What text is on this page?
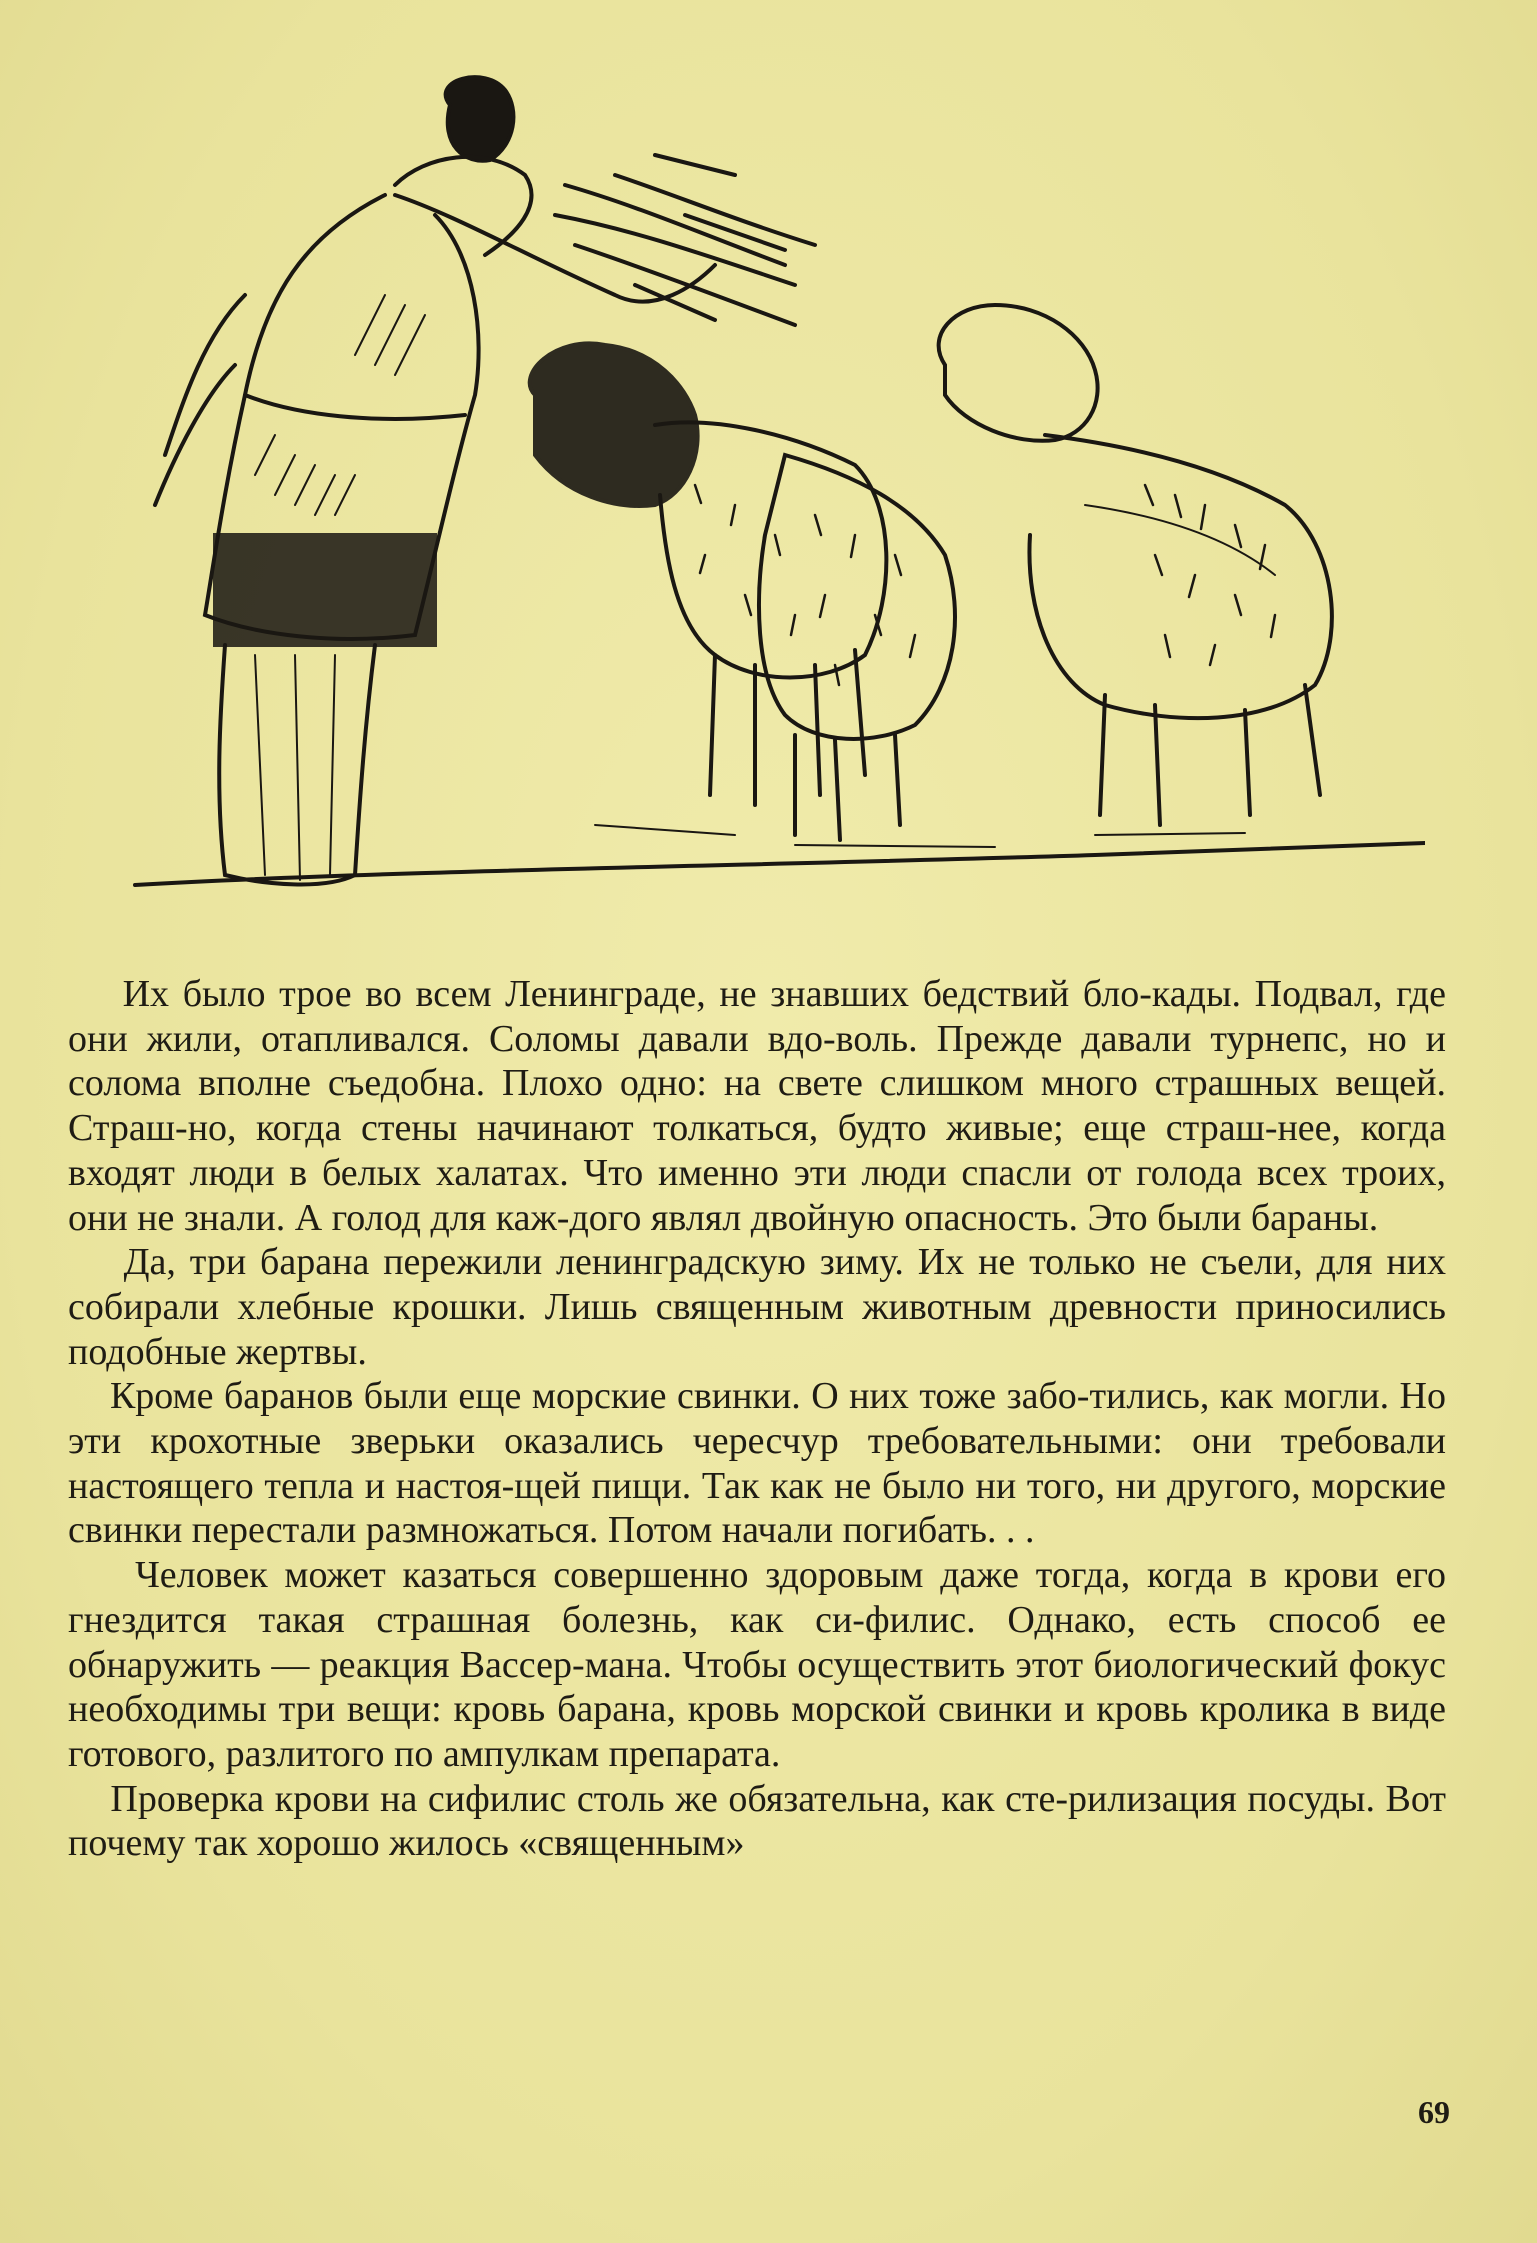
Их было трое во всем Ленинграде, не знавших бедствий бло-кады. Подвал, где они жили, отапливался. Соломы давали вдо-воль. Прежде давали турнепс, но и солома вполне съедобна. Плохо одно: на свете слишком много страшных вещей. Страш-но, когда стены начинают толкаться, будто живые; еще страш-нее, когда входят люди в белых халатах. Что именно эти люди спасли от голода всех троих, они не знали. А голод для каж-дого являл двойную опасность. Это были бараны.

Да, три барана пережили ленинградскую зиму. Их не только не съели, для них собирали хлебные крошки. Лишь священным животным древности приносились подобные жертвы.

Кроме баранов были еще морские свинки. О них тоже забо-тились, как могли. Но эти крохотные зверьки оказались чересчур требовательными: они требовали настоящего тепла и настоя-щей пищи. Так как не было ни того, ни другого, морские свинки перестали размножаться. Потом начали погибать. . .

Человек может казаться совершенно здоровым даже тогда, когда в крови его гнездится такая страшная болезнь, как си-филис. Однако, есть способ ее обнаружить — реакция Вассер-мана. Чтобы осуществить этот биологический фокус необходимы три вещи: кровь барана, кровь морской свинки и кровь кролика в виде готового, разлитого по ампулкам препарата.

Проверка крови на сифилис столь же обязательна, как сте-рилизация посуды. Вот почему так хорошо жилось «священным»

69
